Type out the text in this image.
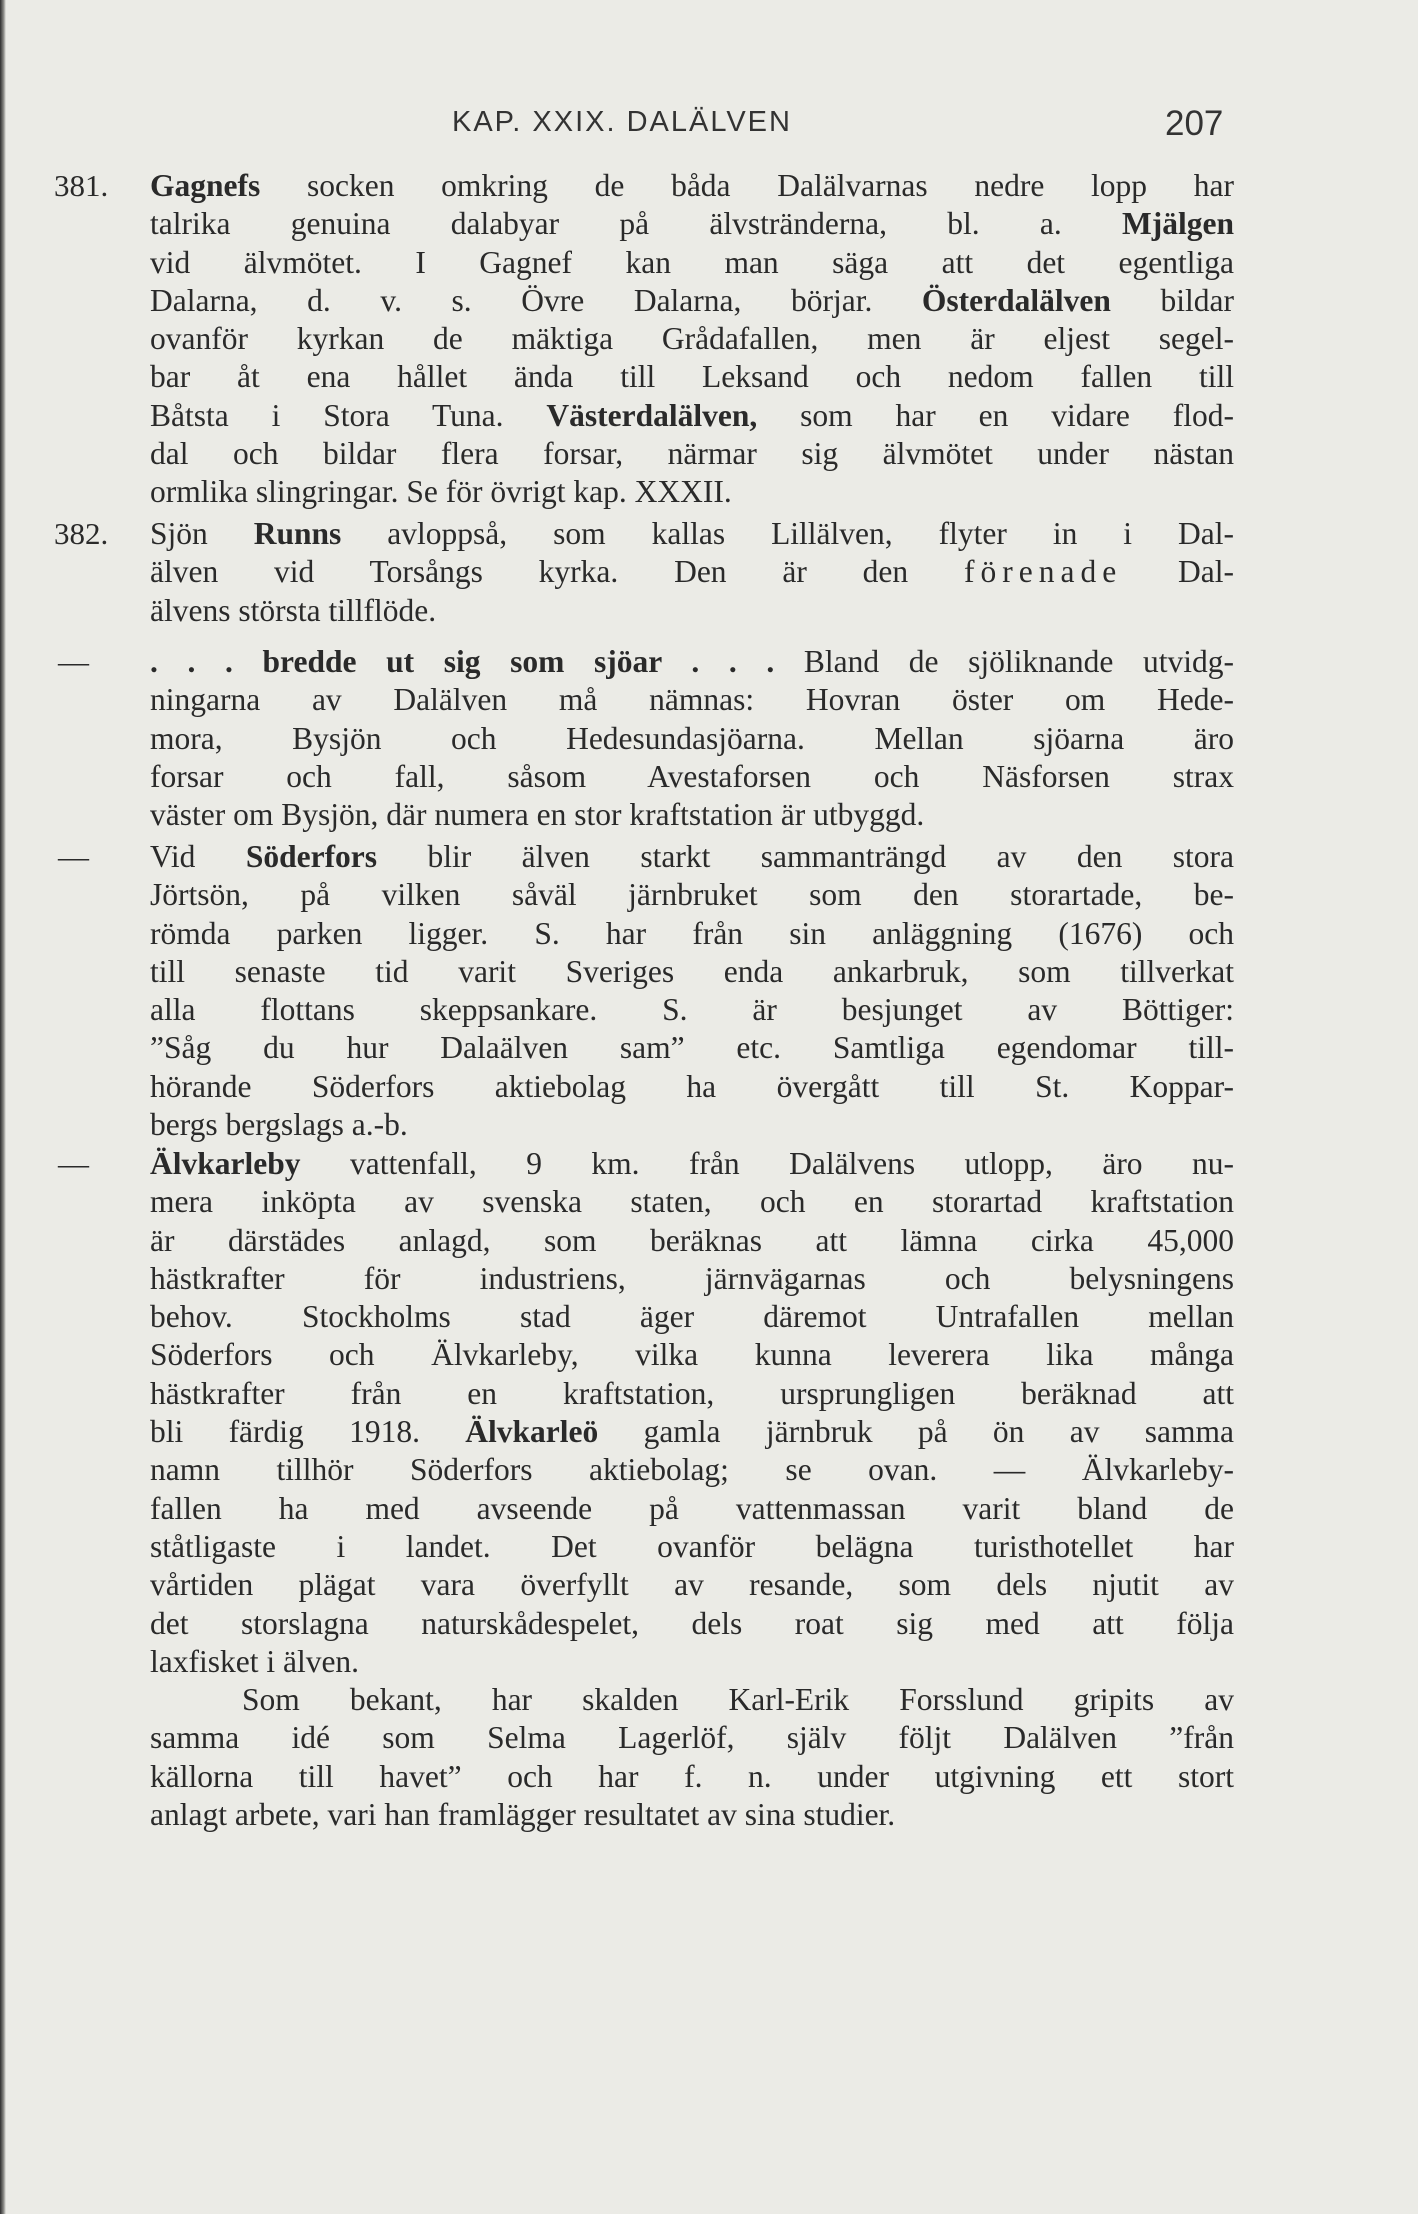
KAP. XXIX. DALÄLVEN	207
381. Gagnefs socken omkring de båda Dalälvarnas nedre lopp har
talrika genuina dalabyar på älvstränderna, bl. a. Mjälgen
vid älvmötet. I Gagnef kan man säga att det egentliga
Dalarna, d. v. s. Övre Dalarna, börjar. Österdalälven bildar
ovanför kyrkan de mäktiga Grådafallen, men är eljest segel-
bar åt ena hållet ända till Leksand och nedom fallen till
Båtsta i Stora Tuna. Västerdalälven, som har en vidare flod-
dal och bildar flera forsar, närmar sig älvmötet under nästan
ormlika slingringar. Se för övrigt kap. XXXII.
382. Sjön Runns avloppså, som kallas Lillälven, flyter in i Dal-
älven vid Torsångs kyrka. Den är den förenade Dal-
älvens största tillflöde.
— . . . bredde ut sig som sjöar . . . Bland de sjöliknande utvidg-
ningarna av Dalälven må nämnas: Hovran öster om Hede-
mora, Bysjön och Hedesundasjöarna. Mellan sjöarna äro
forsar och fall, såsom Avestaforsen och Näsforsen strax
väster om Bysjön, där numera en stor kraftstation är utbyggd.
— Vid Söderfors blir älven starkt sammanträngd av den stora
Jörtsön, på vilken såväl järnbruket som den storartade, be-
römda parken ligger. S. har från sin anläggning (1676) och
till senaste tid varit Sveriges enda ankarbruk, som tillverkat
alla flottans skeppsankare. S. är besjunget av Böttiger:
”Såg du hur Dalaälven sam” etc. Samtliga egendomar till-
hörande Söderfors aktiebolag ha övergått till St. Koppar-
bergs bergslags a.-b.
— Älvkarleby vattenfall, 9 km. från Dalälvens utlopp, äro nu-
mera inköpta av svenska staten, och en storartad kraftstation
är därstädes anlagd, som beräknas att lämna cirka 45,000
hästkrafter för industriens, järnvägarnas och belysningens
behov. Stockholms stad äger däremot Untrafallen mellan
Söderfors och Älvkarleby, vilka kunna leverera lika många
hästkrafter från en kraftstation, ursprungligen beräknad att
bli färdig 1918. Älvkarleö gamla järnbruk på ön av samma
namn tillhör Söderfors aktiebolag; se ovan. — Älvkarleby-
fallen ha med avseende på vattenmassan varit bland de
ståtligaste i landet. Det ovanför belägna turisthotellet har
vårtiden plägat vara överfyllt av resande, som dels njutit av
det storslagna naturskådespelet, dels roat sig med att följa
laxfisket i älven.
Som bekant, har skalden Karl-Erik Forsslund gripits av
samma idé som Selma Lagerlöf, själv följt Dalälven ”från
källorna till havet” och har f. n. under utgivning ett stort
anlagt arbete, vari han framlägger resultatet av sina studier.
